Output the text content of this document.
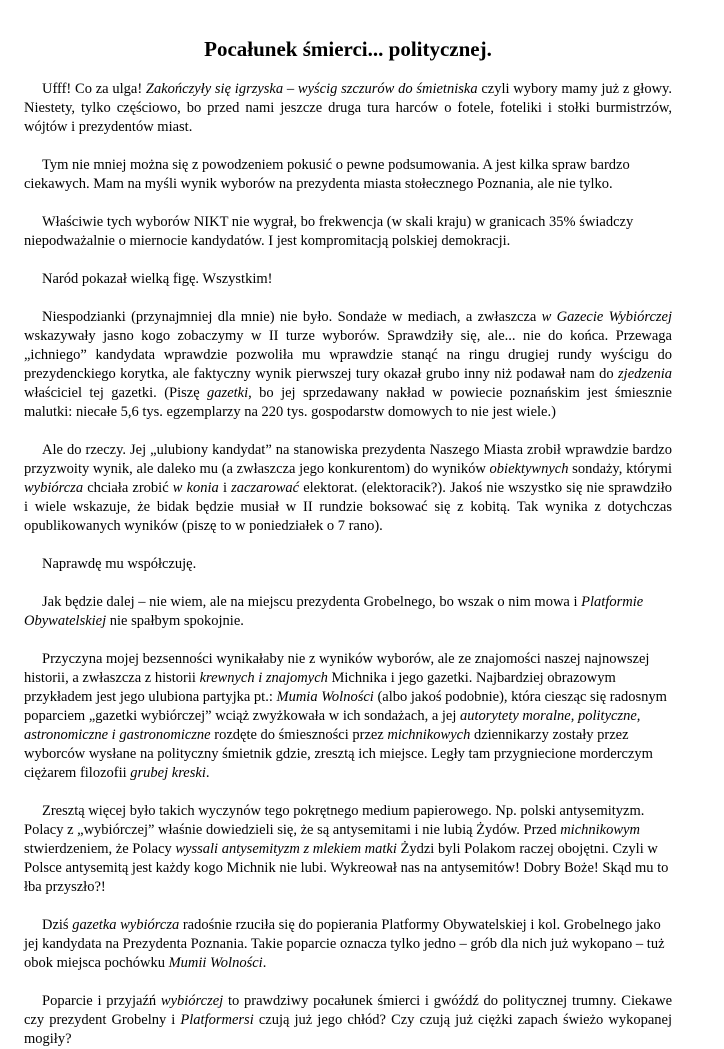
Pocałunek śmierci... politycznej.

Ufff! Co za ulga! Zakończyły się igrzyska – wyścig szczurów do śmietniska czyli wybory mamy już z głowy. Niestety, tylko częściowo, bo przed nami jeszcze druga tura harców o fotele, foteliki i stołki burmistrzów, wójtów i prezydentów miast.

Tym nie mniej można się z powodzeniem pokusić o pewne podsumowania. A jest kilka spraw bardzo ciekawych. Mam na myśli wynik wyborów na prezydenta miasta stołecznego Poznania, ale nie tylko.

Właściwie tych wyborów NIKT nie wygrał, bo frekwencja (w skali kraju) w granicach 35% świadczy niepodważalnie o miernocie kandydatów. I jest kompromitacją polskiej demokracji.

Naród pokazał wielką figę. Wszystkim!

Niespodzianki (przynajmniej dla mnie) nie było. Sondaże w mediach, a zwłaszcza w Gazecie Wybiórczej wskazywały jasno kogo zobaczymy w II turze wyborów. Sprawdziły się, ale... nie do końca. Przewaga „ichniego” kandydata wprawdzie pozwoliła mu wprawdzie stanąć na ringu drugiej rundy wyścigu do prezydenckiego korytka, ale faktyczny wynik pierwszej tury okazał grubo inny niż podawał nam do zjedzenia właściciel tej gazetki. (Piszę gazetki, bo jej sprzedawany nakład w powiecie poznańskim jest śmiesznie malutki: niecałe 5,6 tys. egzemplarzy na 220 tys. gospodarstw domowych to nie jest wiele.)

Ale do rzeczy. Jej „ulubiony kandydat” na stanowiska prezydenta Naszego Miasta zrobił wprawdzie bardzo przyzwoity wynik, ale daleko mu (a zwłaszcza jego konkurentom) do wyników obiektywnych sondaży, którymi wybiórcza chciała zrobić w konia i zaczarować elektorat. (elektoracik?). Jakoś nie wszystko się nie sprawdziło i wiele wskazuje, że bidak będzie musiał w II rundzie boksować się z kobitą. Tak wynika z dotychczas opublikowanych wyników (piszę to w poniedziałek o 7 rano).

Naprawdę mu współczuję.

Jak będzie dalej – nie wiem, ale na miejscu prezydenta Grobelnego, bo wszak o nim mowa i Platformie Obywatelskiej nie spałbym spokojnie.

Przyczyna mojej bezsenności wynikałaby nie z wyników wyborów, ale ze znajomości naszej najnowszej historii, a zwłaszcza z historii krewnych i znajomych Michnika i jego gazetki. Najbardziej obrazowym przykładem jest jego ulubiona partyjka pt.: Mumia Wolności (albo jakoś podobnie), która ciesząc się radosnym poparciem „gazetki wybiórczej” wciąż zwyżkowała w ich sondażach, a jej autorytety moralne, polityczne, astronomiczne i gastronomiczne rozdęte do śmieszności przez michnikowych dziennikarzy zostały przez wyborców wysłane na polityczny śmietnik gdzie, zresztą ich miejsce. Legły tam przygniecione morderczym ciężarem filozofii grubej kreski.

Zresztą więcej było takich wyczynów tego pokrętnego medium papierowego. Np. polski antysemityzm. Polacy z „wybiórczej” właśnie dowiedzieli się, że są antysemitami i nie lubią Żydów. Przed michnikowym stwierdzeniem, że Polacy wyssali antysemityzm z mlekiem matki Żydzi byli Polakom raczej obojętni. Czyli w Polsce antysemitą jest każdy kogo Michnik nie lubi. Wykreował nas na antysemitów! Dobry Boże! Skąd mu to łba przyszło?!

Dziś gazetka wybiórcza radośnie rzuciła się do popierania Platformy Obywatelskiej i kol. Grobelnego jako jej kandydata na Prezydenta Poznania. Takie poparcie oznacza tylko jedno – grób dla nich już wykopano – tuż obok miejsca pochówku Mumii Wolności.

Poparcie i przyjaźń wybiórczej to prawdziwy pocałunek śmierci i gwóźdź do politycznej trumny. Ciekawe czy prezydent Grobelny i Platformersi czują już jego chłód? Czy czują już ciężki zapach świeżo wykopanej mogiły?
